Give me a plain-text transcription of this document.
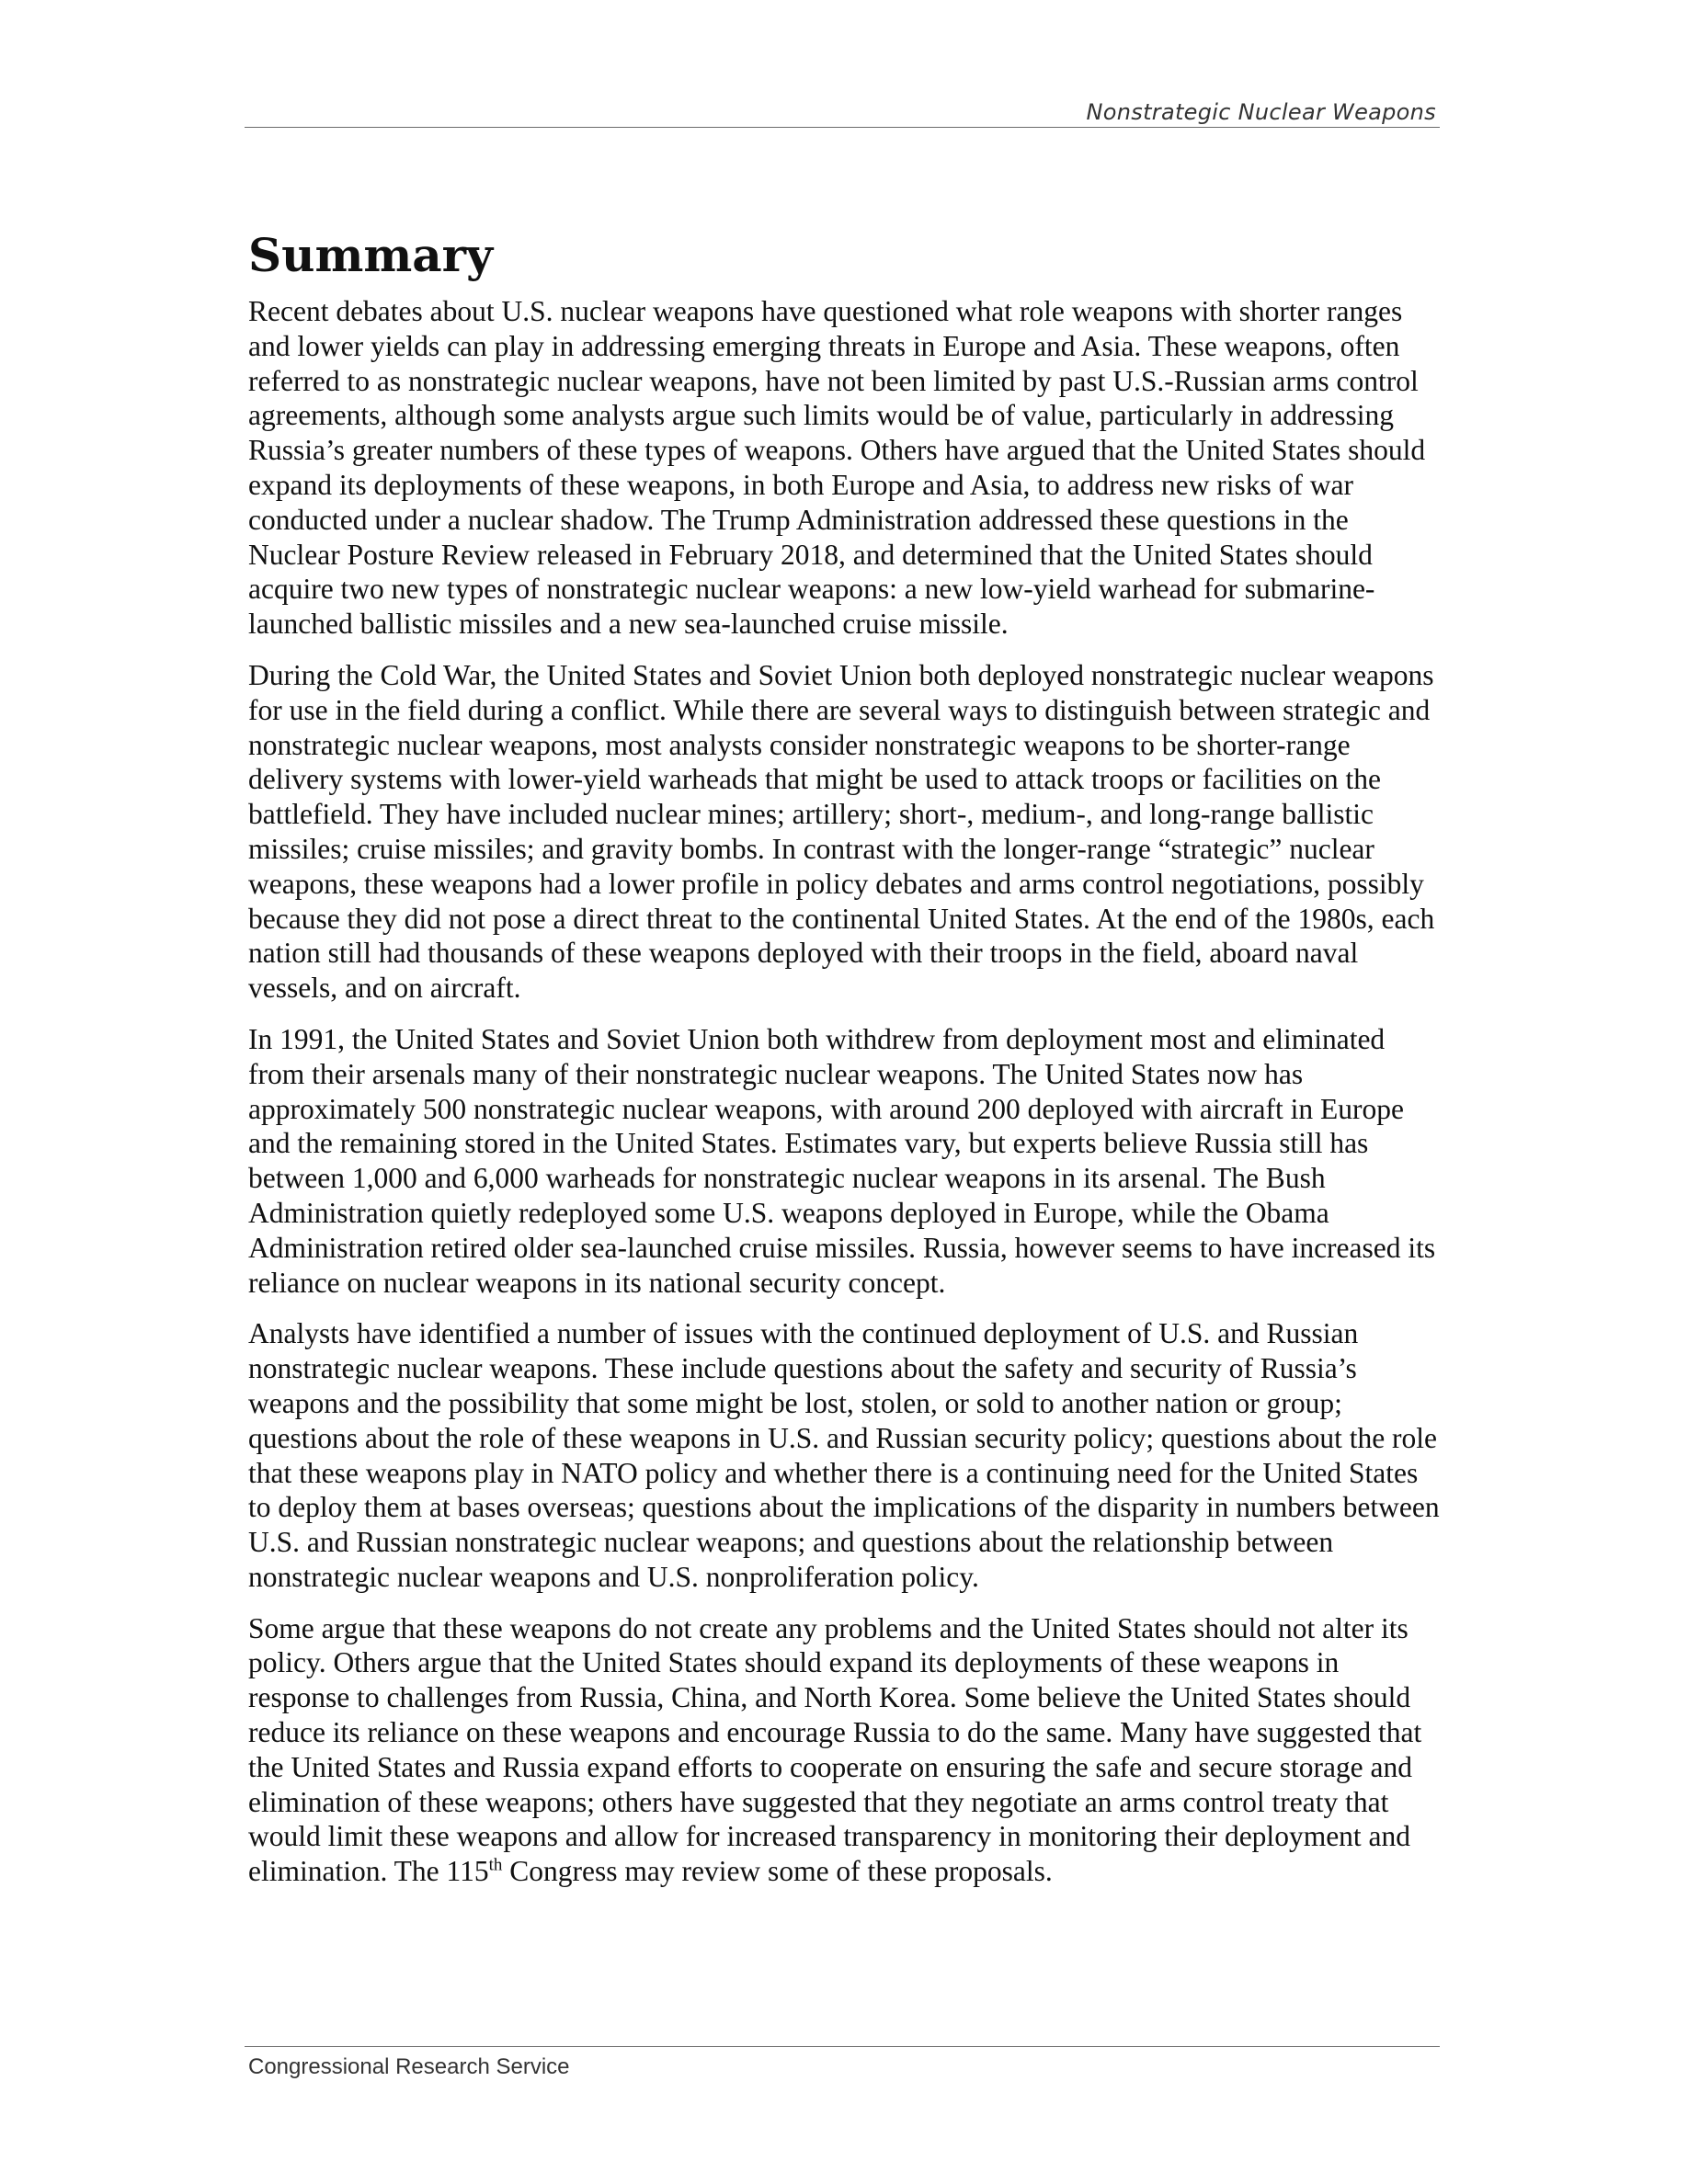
Nonstrategic Nuclear Weapons
Summary

Recent debates about U.S. nuclear weapons have questioned what role weapons with shorter ranges and lower yields can play in addressing emerging threats in Europe and Asia. These weapons, often referred to as nonstrategic nuclear weapons, have not been limited by past U.S.-Russian arms control agreements, although some analysts argue such limits would be of value, particularly in addressing Russia’s greater numbers of these types of weapons. Others have argued that the United States should expand its deployments of these weapons, in both Europe and Asia, to address new risks of war conducted under a nuclear shadow. The Trump Administration addressed these questions in the Nuclear Posture Review released in February 2018, and determined that the United States should acquire two new types of nonstrategic nuclear weapons: a new low-yield warhead for submarine-launched ballistic missiles and a new sea-launched cruise missile.

During the Cold War, the United States and Soviet Union both deployed nonstrategic nuclear weapons for use in the field during a conflict. While there are several ways to distinguish between strategic and nonstrategic nuclear weapons, most analysts consider nonstrategic weapons to be shorter-range delivery systems with lower-yield warheads that might be used to attack troops or facilities on the battlefield. They have included nuclear mines; artillery; short-, medium-, and long-range ballistic missiles; cruise missiles; and gravity bombs. In contrast with the longer-range “strategic” nuclear weapons, these weapons had a lower profile in policy debates and arms control negotiations, possibly because they did not pose a direct threat to the continental United States. At the end of the 1980s, each nation still had thousands of these weapons deployed with their troops in the field, aboard naval vessels, and on aircraft.

In 1991, the United States and Soviet Union both withdrew from deployment most and eliminated from their arsenals many of their nonstrategic nuclear weapons. The United States now has approximately 500 nonstrategic nuclear weapons, with around 200 deployed with aircraft in Europe and the remaining stored in the United States. Estimates vary, but experts believe Russia still has between 1,000 and 6,000 warheads for nonstrategic nuclear weapons in its arsenal. The Bush Administration quietly redeployed some U.S. weapons deployed in Europe, while the Obama Administration retired older sea-launched cruise missiles. Russia, however seems to have increased its reliance on nuclear weapons in its national security concept.

Analysts have identified a number of issues with the continued deployment of U.S. and Russian nonstrategic nuclear weapons. These include questions about the safety and security of Russia’s weapons and the possibility that some might be lost, stolen, or sold to another nation or group; questions about the role of these weapons in U.S. and Russian security policy; questions about the role that these weapons play in NATO policy and whether there is a continuing need for the United States to deploy them at bases overseas; questions about the implications of the disparity in numbers between U.S. and Russian nonstrategic nuclear weapons; and questions about the relationship between nonstrategic nuclear weapons and U.S. nonproliferation policy.

Some argue that these weapons do not create any problems and the United States should not alter its policy. Others argue that the United States should expand its deployments of these weapons in response to challenges from Russia, China, and North Korea. Some believe the United States should reduce its reliance on these weapons and encourage Russia to do the same. Many have suggested that the United States and Russia expand efforts to cooperate on ensuring the safe and secure storage and elimination of these weapons; others have suggested that they negotiate an arms control treaty that would limit these weapons and allow for increased transparency in monitoring their deployment and elimination. The 115th Congress may review some of these proposals.

Congressional Research Service
